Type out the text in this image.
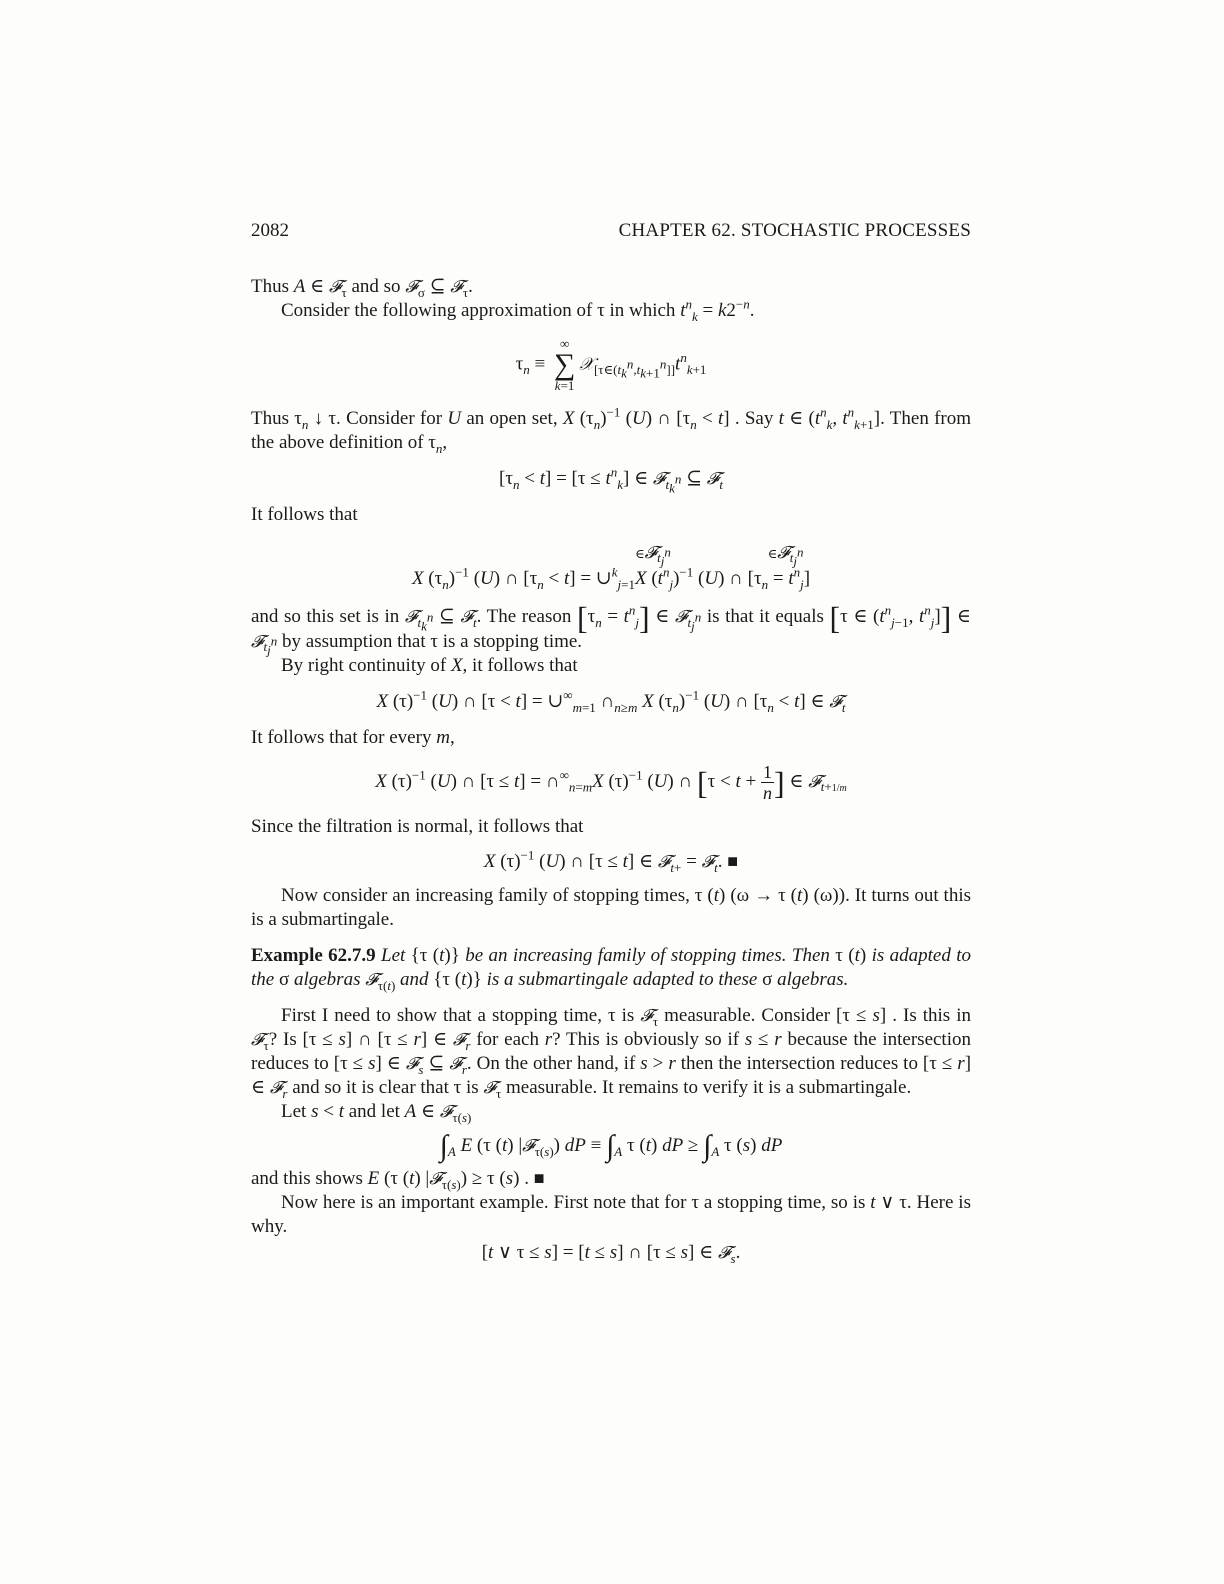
2082	CHAPTER 62. STOCHASTIC PROCESSES

Thus A ∈ 𝓕$_\tau$ and so 𝓕$_\sigma$ ⊆ 𝓕$_\tau$.

Consider the following approximation of τ in which $t^n_k = k2^{-n}$.

$\tau_n$ ≡
∞
∑
k=1
$𝒳_{[\tau\in(t_k^n,t_{k+1}^n]]}t^n_{k+1}$

Thus $\tau_n$ ↓ τ. Consider for U an open set, X $(\tau_n)^{-1}$ (U) ∩ $[\tau_n < t]$ . Say t ∈ ($t^n_k$, $t^n_{k+1}$]. Then from the above definition of $\tau_n$,

$[\tau_n < t] = [\tau \le t^n_k]$ ∈ 𝓕$_{t_k^n}$ ⊆ 𝓕$_t$

It follows that

X $(\tau_n)^{-1}$ (U) ∩ $[\tau_n < t]$ = ∪$^k_{j=1}$
∈𝓕$_{t_j^n}$
X $(t^n_j)^{-1}$ (U) ∩
∈𝓕$_{t_j^n}$
$[\tau_n = t^n_j]$

and so this set is in 𝓕$_{t_k^n}$ ⊆ 𝓕$_t$. The reason $[\tau_n = t^n_j]$ ∈ 𝓕$_{t_j^n}$ is that it equals [τ ∈ ($t^n_{j-1}$, $t^n_j$]] ∈ 𝓕$_{t_j^n}$ by assumption that τ is a stopping time.

By right continuity of X, it follows that

X $(\tau)^{-1}$ (U) ∩ $[\tau < t] = \cup^\infty_{m=1}$ $\cap_{n\ge m}$ X $(\tau_n)^{-1}$ (U) ∩ $[\tau_n < t]$ ∈ 𝓕$_t$

It follows that for every m,

X $(\tau)^{-1}$ (U) ∩ $[\tau \le t] = \cap^\infty_{n=m}X$ $(\tau)^{-1}$ (U) ∩ [$\tau < t + \frac{1}{n}$ ] ∈ 𝓕$_{t+1/m}$

Since the filtration is normal, it follows that

X $(\tau)^{-1}$ (U) ∩ [τ ≤ t] ∈ 𝓕$_{t+}$ = 𝓕$_t$. ■

Now consider an increasing family of stopping times, τ (t) (ω → τ (t) (ω)). It turns out this is a submartingale.

Example 62.7.9 Let {τ (t)} be an increasing family of stopping times. Then τ (t) is adapted to the σ algebras 𝓕$_{\tau(t)}$ and {τ (t)} is a submartingale adapted to these σ algebras.

First I need to show that a stopping time, τ is 𝓕$_\tau$ measurable. Consider [τ ≤ s] . Is this in 𝓕$_\tau$? Is [τ ≤ s] ∩ [τ ≤ r] ∈ 𝓕$_r$ for each r? This is obviously so if s ≤ r because the intersection reduces to [τ ≤ s] ∈ 𝓕$_s$ ⊆ 𝓕$_r$. On the other hand, if s > r then the intersection reduces to [τ ≤ r] ∈ 𝓕$_r$ and so it is clear that τ is 𝓕$_\tau$ measurable. It remains to verify it is a submartingale.

Let s < t and let A ∈ 𝓕$_{\tau(s)}$

$\int_A$ E (τ (t) |𝓕$_{\tau(s)}$) dP ≡ $\int_A$ τ (t) dP ≥ $\int_A$ τ (s) dP

and this shows E (τ (t) |𝓕$_{\tau(s)}$) ≥ τ (s) . ■

Now here is an important example. First note that for τ a stopping time, so is t ∨ τ. Here is why.

[t ∨ τ ≤ s] = [t ≤ s] ∩ [τ ≤ s] ∈ 𝓕$_s$.
